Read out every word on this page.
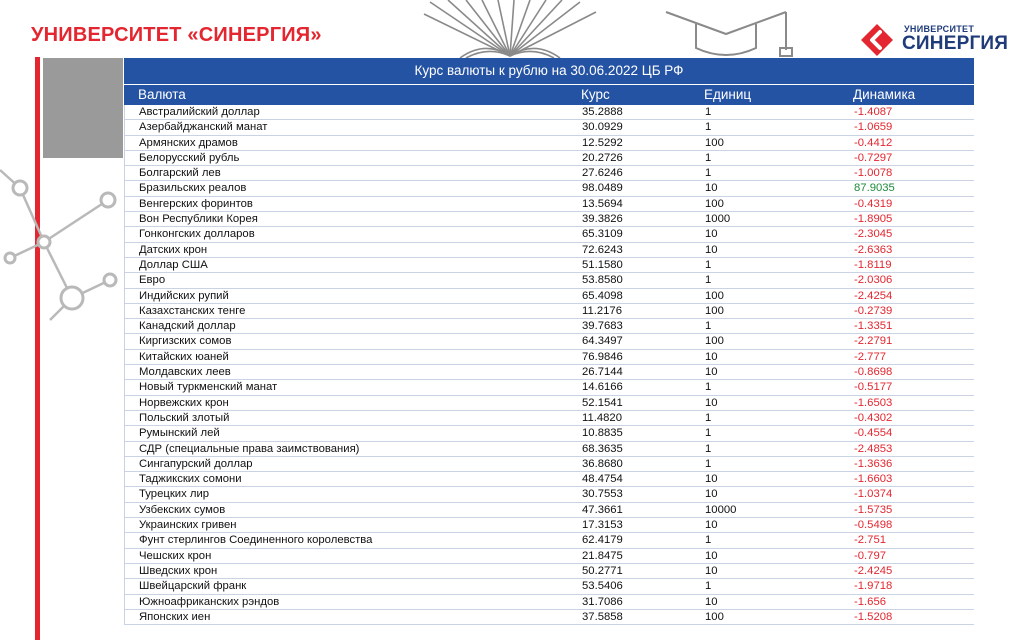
УНИВЕРСИТЕТ «СИНЕРГИЯ»	УНИВЕРСИТЕТ
СИНЕРГИЯ
Курс валюты к рублю на 30.06.2022 ЦБ РФ
Валюта	Курс	Единиц	Динамика
Австралийский доллар	35.2888	1	-1.4087
Азербайджанский манат	30.0929	1	-1.0659
Армянских драмов	12.5292	100	-0.4412
Белорусский рубль	20.2726	1	-0.7297
Болгарский лев	27.6246	1	-1.0078
Бразильских реалов	98.0489	10	87.9035
Венгерских форинтов	13.5694	100	-0.4319
Вон Республики Корея	39.3826	1000	-1.8905
Гонконгских долларов	65.3109	10	-2.3045
Датских крон	72.6243	10	-2.6363
Доллар США	51.1580	1	-1.8119
Евро	53.8580	1	-2.0306
Индийских рупий	65.4098	100	-2.4254
Казахстанских тенге	11.2176	100	-0.2739
Канадский доллар	39.7683	1	-1.3351
Киргизских сомов	64.3497	100	-2.2791
Китайских юаней	76.9846	10	-2.777
Молдавских леев	26.7144	10	-0.8698
Новый туркменский манат	14.6166	1	-0.5177
Норвежских крон	52.1541	10	-1.6503
Польский злотый	11.4820	1	-0.4302
Румынский лей	10.8835	1	-0.4554
СДР (специальные права заимствования)	68.3635	1	-2.4853
Сингапурский доллар	36.8680	1	-1.3636
Таджикских сомони	48.4754	10	-1.6603
Турецких лир	30.7553	10	-1.0374
Узбекских сумов	47.3661	10000	-1.5735
Украинских гривен	17.3153	10	-0.5498
Фунт стерлингов Соединенного королевства	62.4179	1	-2.751
Чешских крон	21.8475	10	-0.797
Шведских крон	50.2771	10	-2.4245
Швейцарский франк	53.5406	1	-1.9718
Южноафриканских рэндов	31.7086	10	-1.656
Японских иен	37.5858	100	-1.5208
